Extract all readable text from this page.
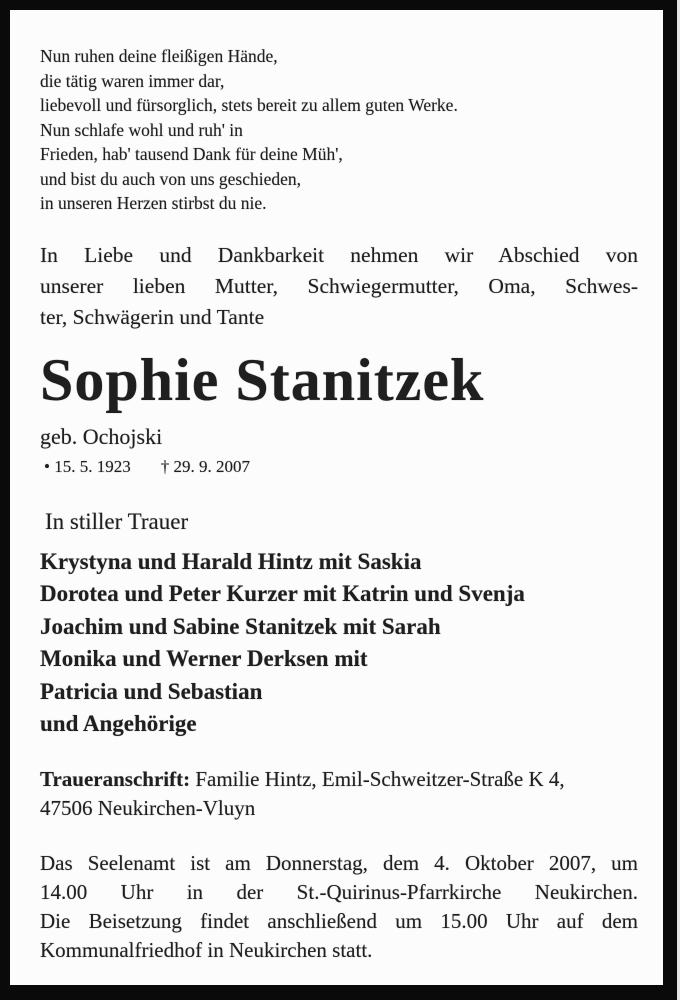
Nun ruhen deine fleißigen Hände,
die tätig waren immer dar,
liebevoll und fürsorglich, stets bereit zu allem guten Werke.
Nun schlafe wohl und ruh' in
Frieden, hab' tausend Dank für deine Müh',
und bist du auch von uns geschieden,
in unseren Herzen stirbst du nie.
In Liebe und Dankbarkeit nehmen wir Abschied von
unserer lieben Mutter, Schwiegermutter, Oma, Schwes-
ter, Schwägerin und Tante
Sophie Stanitzek
geb. Ochojski
• 15. 5. 1923 † 29. 9. 2007
In stiller Trauer
Krystyna und Harald Hintz mit Saskia
Dorotea und Peter Kurzer mit Katrin und Svenja
Joachim und Sabine Stanitzek mit Sarah
Monika und Werner Derksen mit
Patricia und Sebastian
und Angehörige
Traueranschrift: Familie Hintz, Emil-Schweitzer-Straße K 4,
47506 Neukirchen-Vluyn
Das Seelenamt ist am Donnerstag, dem 4. Oktober 2007, um
14.00 Uhr in der St.-Quirinus-Pfarrkirche Neukirchen.
Die Beisetzung findet anschließend um 15.00 Uhr auf dem
Kommunalfriedhof in Neukirchen statt.
